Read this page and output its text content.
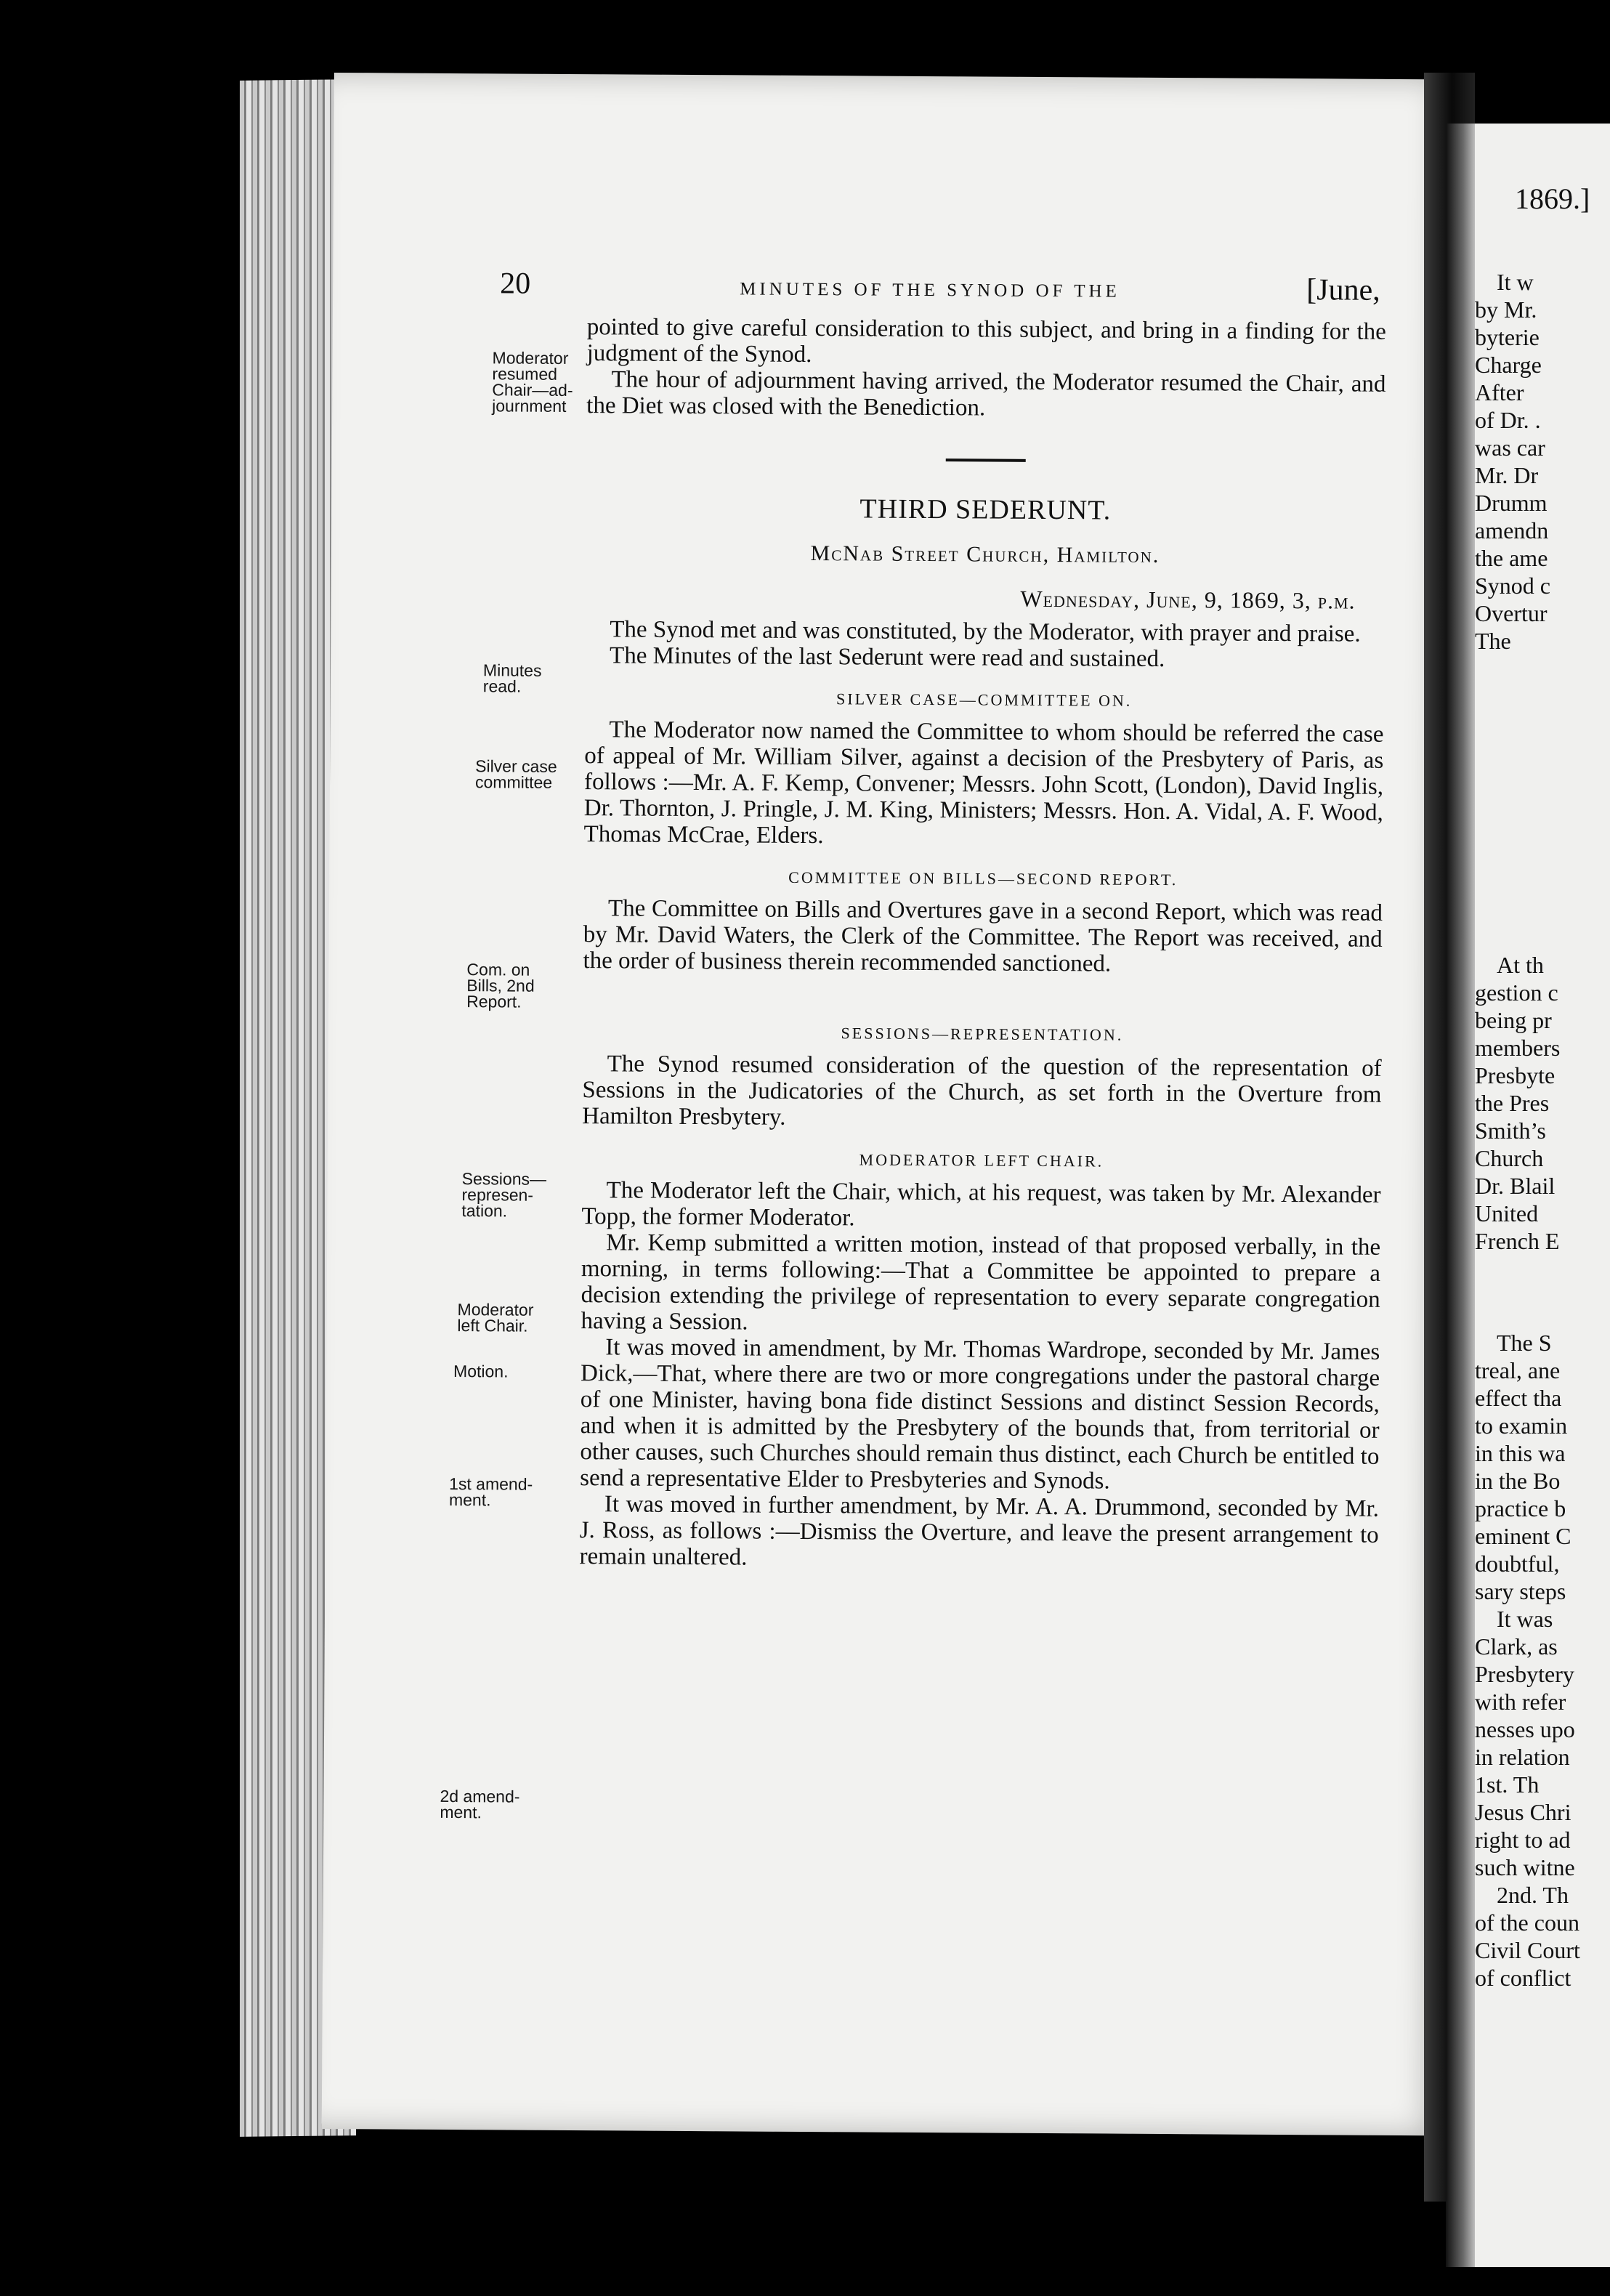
20	MINUTES OF THE SYNOD OF THE	[June,
Moderator resumed Chair—ad-journment
Minutes read.
Silver case committee
Com. on Bills, 2nd Report.
Sessions—represen-tation.
Moderator left Chair.
Motion.
1st amend-ment.
2d amend-ment.

pointed to give careful consideration to this subject, and bring in a finding for the judgment of the Synod.

The hour of adjournment having arrived, the Moderator resumed the Chair, and the Diet was closed with the Benediction.

THIRD SEDERUNT.

McNab Street Church, Hamilton.

Wednesday, June, 9, 1869, 3, p.m.

The Synod met and was constituted, by the Moderator, with prayer and praise.

The Minutes of the last Sederunt were read and sustained.

SILVER CASE—COMMITTEE ON.

The Moderator now named the Committee to whom should be referred the case of appeal of Mr. William Silver, against a decision of the Presbytery of Paris, as follows :—Mr. A. F. Kemp, Convener; Messrs. John Scott, (London), David Inglis, Dr. Thornton, J. Pringle, J. M. King, Ministers; Messrs. Hon. A. Vidal, A. F. Wood, Thomas McCrae, Elders.

COMMITTEE ON BILLS—SECOND REPORT.

The Committee on Bills and Overtures gave in a second Report, which was read by Mr. David Waters, the Clerk of the Committee. The Report was received, and the order of business therein recommended sanctioned.

SESSIONS—REPRESENTATION.

The Synod resumed consideration of the question of the representation of Sessions in the Judicatories of the Church, as set forth in the Overture from Hamilton Presbytery.

MODERATOR LEFT CHAIR.

The Moderator left the Chair, which, at his request, was taken by Mr. Alexander Topp, the former Moderator.

Mr. Kemp submitted a written motion, instead of that proposed verbally, in the morning, in terms following:—That a Committee be appointed to prepare a decision extending the privilege of representation to every separate congregation having a Session.

It was moved in amendment, by Mr. Thomas Wardrope, seconded by Mr. James Dick,—That, where there are two or more congregations under the pastoral charge of one Minister, having bona fide distinct Sessions and distinct Session Records, and when it is admitted by the Presbytery of the bounds that, from territorial or other causes, such Churches should remain thus distinct, each Church be entitled to send a representative Elder to Presbyteries and Synods.

It was moved in further amendment, by Mr. A. A. Drummond, seconded by Mr. J. Ross, as follows :—Dismiss the Overture, and leave the present arrangement to remain unaltered.

1869.]
It w
by Mr.
byterie
Charge
After
of Dr. .
was car
Mr. Dr
Drumm
amendn
the ame
Synod c
Overtur
The
At th
gestion c
being pr
members
Presbyte
the Pres
Smith’s
Church
Dr. Blail
United
French E
The S
treal, ane
effect tha
to examin
in this wa
in the Bo
practice b
eminent C
doubtful,
sary steps
It was
Clark, as
Presbytery
with refer
nesses upo
in relation
1st. Th
Jesus Chri
right to ad
such witne
2nd. Th
of the coun
Civil Court
of conflict
